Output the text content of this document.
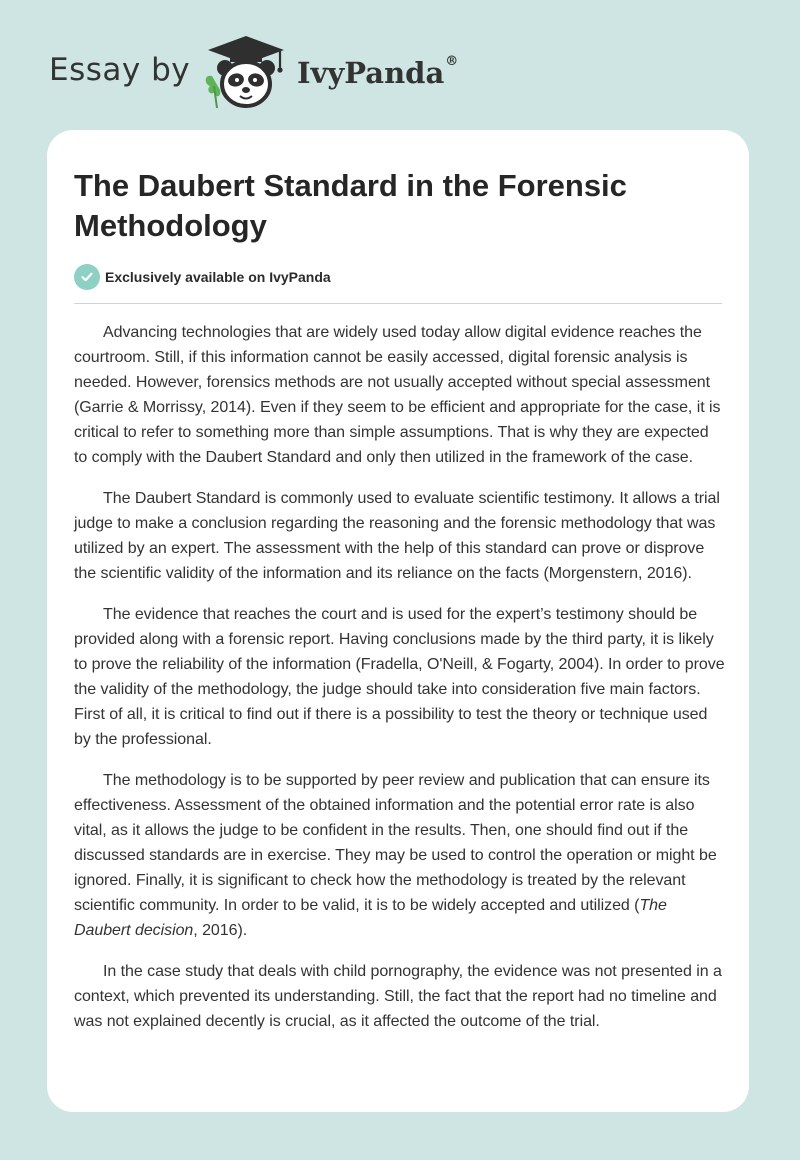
Essay by	IvyPanda®
The Daubert Standard in the Forensic Methodology
Exclusively available on IvyPanda

Advancing technologies that are widely used today allow digital evidence reaches the courtroom. Still, if this information cannot be easily accessed, digital forensic analysis is needed. However, forensics methods are not usually accepted without special assessment (Garrie & Morrissy, 2014). Even if they seem to be efficient and appropriate for the case, it is critical to refer to something more than simple assumptions. That is why they are expected to comply with the Daubert Standard and only then utilized in the framework of the case.

The Daubert Standard is commonly used to evaluate scientific testimony. It allows a trial judge to make a conclusion regarding the reasoning and the forensic methodology that was utilized by an expert. The assessment with the help of this standard can prove or disprove the scientific validity of the information and its reliance on the facts (Morgenstern, 2016).

The evidence that reaches the court and is used for the expert’s testimony should be provided along with a forensic report. Having conclusions made by the third party, it is likely to prove the reliability of the information (Fradella, O'Neill, & Fogarty, 2004). In order to prove the validity of the methodology, the judge should take into consideration five main factors. First of all, it is critical to find out if there is a possibility to test the theory or technique used by the professional.

The methodology is to be supported by peer review and publication that can ensure its effectiveness. Assessment of the obtained information and the potential error rate is also vital, as it allows the judge to be confident in the results. Then, one should find out if the discussed standards are in exercise. They may be used to control the operation or might be ignored. Finally, it is significant to check how the methodology is treated by the relevant scientific community. In order to be valid, it is to be widely accepted and utilized (The Daubert decision, 2016).

In the case study that deals with child pornography, the evidence was not presented in a context, which prevented its understanding. Still, the fact that the report had no timeline and was not explained decently is crucial, as it affected the outcome of the trial.
